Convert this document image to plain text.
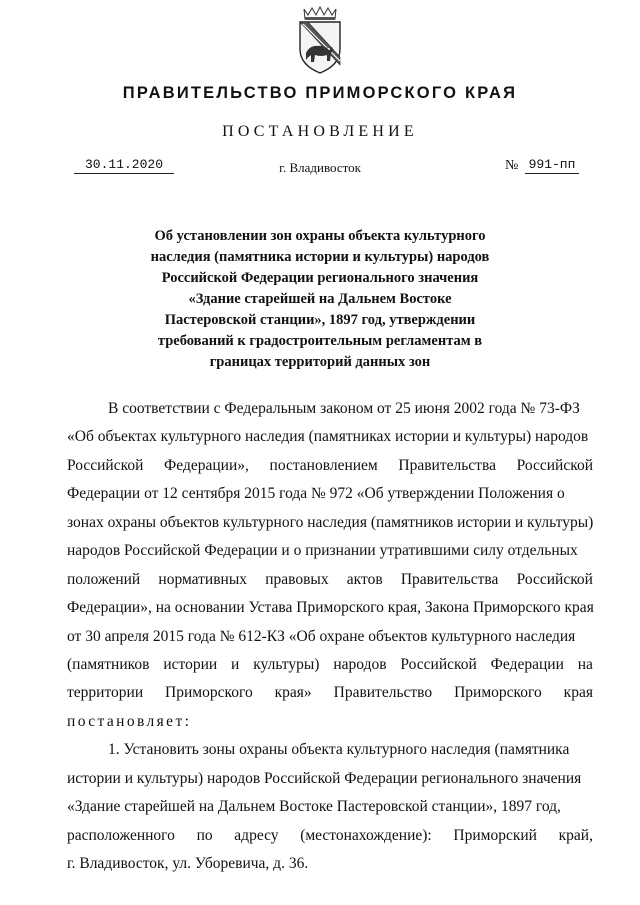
ПРАВИТЕЛЬСТВО ПРИМОРСКОГО КРАЯ
ПОСТАНОВЛЕНИЕ
30.11.2020	г. Владивосток	№ 991-пп
Об установлении зон охраны объекта культурного
наследия (памятника истории и культуры) народов
Российской Федерации регионального значения
«Здание старейшей на Дальнем Востоке
Пастеровской станции», 1897 год, утверждении
требований к градостроительным регламентам в
границах территорий данных зон
В соответствии с Федеральным законом от 25 июня 2002 года № 73-ФЗ
«Об объектах культурного наследия (памятниках истории и культуры) народов
Российской Федерации», постановлением Правительства Российской
Федерации от 12 сентября 2015 года № 972 «Об утверждении Положения о
зонах охраны объектов культурного наследия (памятников истории и культуры)
народов Российской Федерации и о признании утратившими силу отдельных
положений нормативных правовых актов Правительства Российской
Федерации», на основании Устава Приморского края, Закона Приморского края
от 30 апреля 2015 года № 612-КЗ «Об охране объектов культурного наследия
(памятников истории и культуры) народов Российской Федерации на
территории Приморского края» Правительство Приморского края
постановляет:
1. Установить зоны охраны объекта культурного наследия (памятника
истории и культуры) народов Российской Федерации регионального значения
«Здание старейшей на Дальнем Востоке Пастеровской станции», 1897 год,
расположенного по адресу (местонахождение): Приморский край,
г. Владивосток, ул. Уборевича, д. 36.
